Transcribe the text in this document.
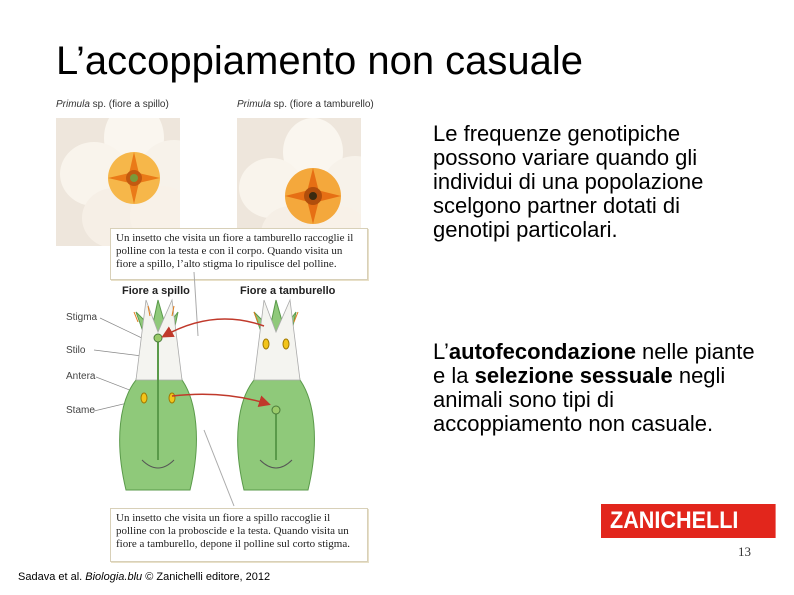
L’accoppiamento non casuale
Primula sp. (fiore a spillo)	Primula sp. (fiore a tamburello)
Un insetto che visita un fiore a tamburello raccoglie il polline con la testa e con il corpo. Quando visita un fiore a spillo, l’alto stigma lo ripulisce del polline.
Fiore a spillo	Fiore a tamburello
Stigma
Stilo
Antera
Stame
Un insetto che visita un fiore a spillo raccoglie il polline con la proboscide e la testa. Quando visita un fiore a tamburello, depone il polline sul corto stigma.
Le frequenze genotipiche possono variare quando gli individui di una popolazione scelgono partner dotati di genotipi particolari.
L’autofecondazione nelle piante e la selezione sessuale negli animali sono tipi di accoppiamento non casuale.
ZANICHELLI
13
Sadava et al. Biologia.blu © Zanichelli editore, 2012
